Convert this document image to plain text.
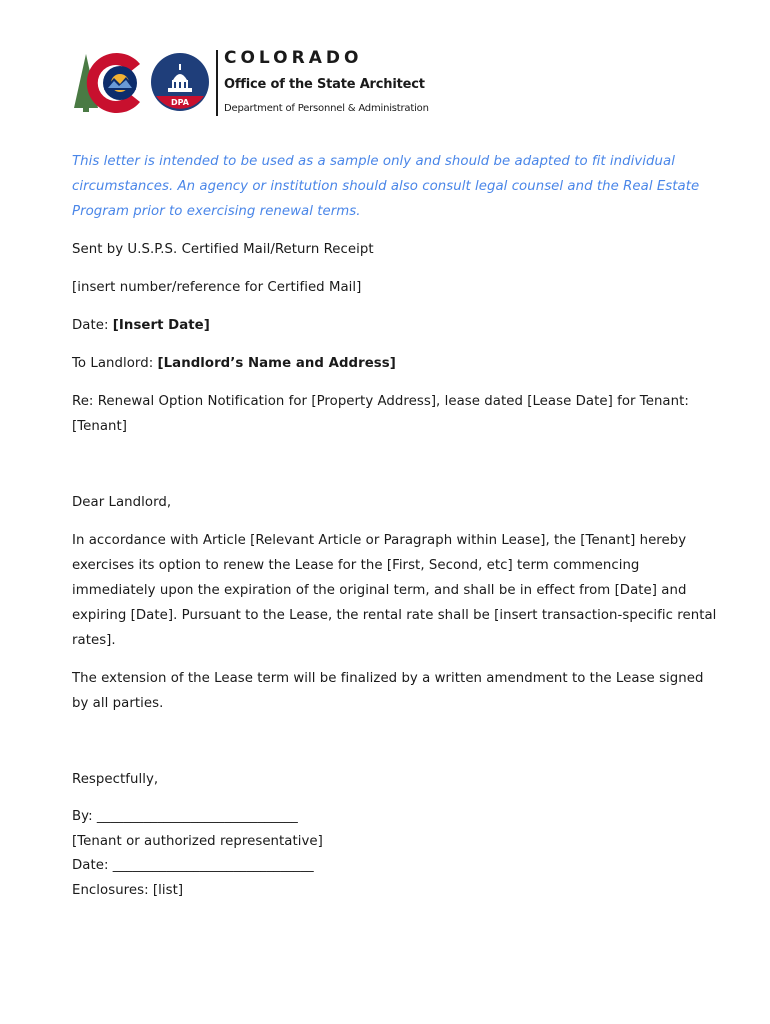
DPA
COLORADO
Office of the State Architect
Department of Personnel & Administration

This letter is intended to be used as a sample only and should be adapted to fit individual circumstances. An agency or institution should also consult legal counsel and the Real Estate Program prior to exercising renewal terms.

Sent by U.S.P.S. Certified Mail/Return Receipt

[insert number/reference for Certified Mail]

Date: [Insert Date]

To Landlord: [Landlord’s Name and Address]

Re: Renewal Option Notification for [Property Address], lease dated [Lease Date] for Tenant: [Tenant]

Dear Landlord,

In accordance with Article [Relevant Article or Paragraph within Lease], the [Tenant] hereby exercises its option to renew the Lease for the [First, Second, etc] term commencing immediately upon the expiration of the original term, and shall be in effect from [Date] and expiring [Date]. Pursuant to the Lease, the rental rate shall be [insert transaction-specific rental rates].

The extension of the Lease term will be finalized by a written amendment to the Lease signed by all parties.

Respectfully,

By: ______________________________

[Tenant or authorized representative]

Date: ______________________________

Enclosures: [list]
